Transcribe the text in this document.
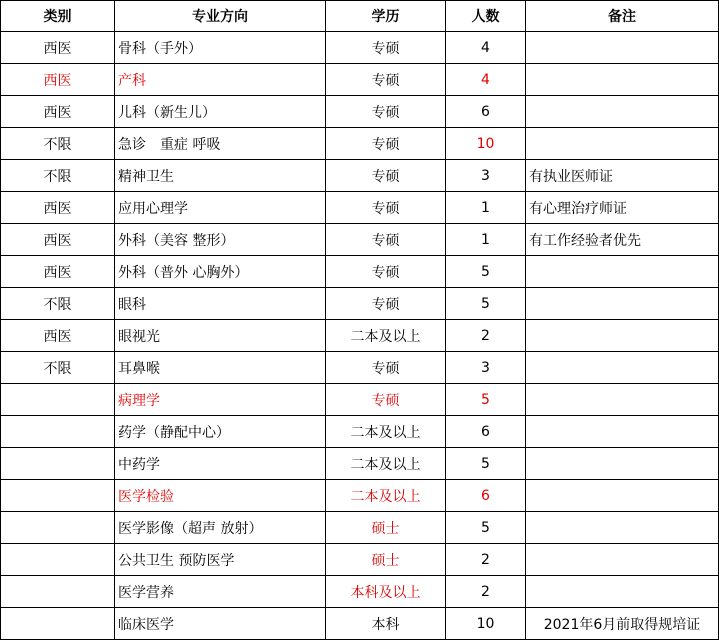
类别	专业方向	学历	人数	备注
西医	骨科（手外）	专硕	4	
西医	产科	专硕	4	
西医	儿科（新生儿）	专硕	6	
不限	急诊　重症 呼吸	专硕	10	
不限	精神卫生	专硕	3	有执业医师证
西医	应用心理学	专硕	1	有心理治疗师证
西医	外科（美容 整形）	专硕	1	有工作经验者优先
西医	外科（普外 心胸外）	专硕	5	
不限	眼科	专硕	5	
西医	眼视光	二本及以上	2	
不限	耳鼻喉	专硕	3	
	病理学	专硕	5	
	药学（静配中心）	二本及以上	6	
	中药学	二本及以上	5	
	医学检验	二本及以上	6	
	医学影像（超声 放射）	硕士	5	
	公共卫生 预防医学	硕士	2	
	医学营养	本科及以上	2	
	临床医学	本科	10	2021年6月前取得规培证
